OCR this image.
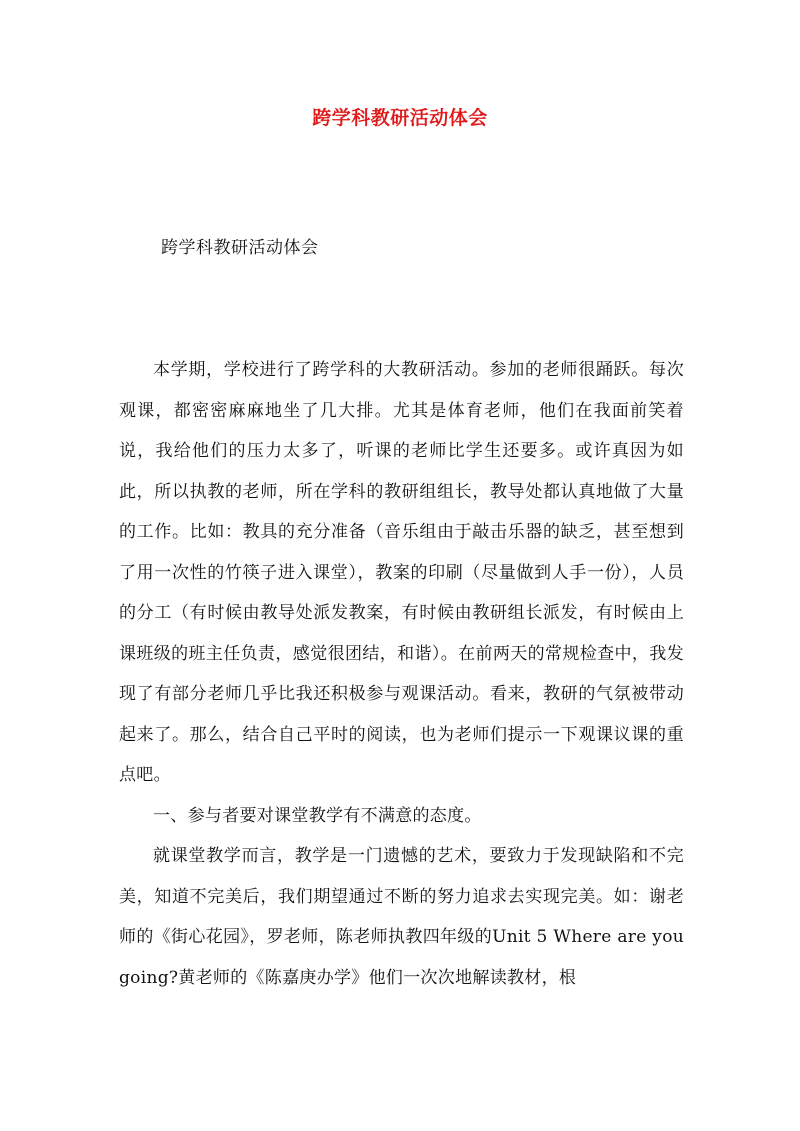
跨学科教研活动体会
跨学科教研活动体会

本学期，学校进行了跨学科的大教研活动。参加的老师很踊跃。每次观课，都密密麻麻地坐了几大排。尤其是体育老师，他们在我面前笑着说，我给他们的压力太多了，听课的老师比学生还要多。或许真因为如此，所以执教的老师，所在学科的教研组组长，教导处都认真地做了大量的工作。比如：教具的充分准备（音乐组由于敲击乐器的缺乏，甚至想到了用一次性的竹筷子进入课堂），教案的印刷（尽量做到人手一份），人员的分工（有时候由教导处派发教案，有时候由教研组长派发，有时候由上课班级的班主任负责，感觉很团结，和谐）。在前两天的常规检查中，我发现了有部分老师几乎比我还积极参与观课活动。看来，教研的气氛被带动起来了。那么，结合自己平时的阅读，也为老师们提示一下观课议课的重点吧。

一、参与者要对课堂教学有不满意的态度。

就课堂教学而言，教学是一门遗憾的艺术，要致力于发现缺陷和不完美，知道不完美后，我们期望通过不断的努力追求去实现完美。如：谢老师的《街心花园》，罗老师，陈老师执教四年级的Unit 5 Where are you going?黄老师的《陈嘉庚办学》他们一次次地解读教材，根
